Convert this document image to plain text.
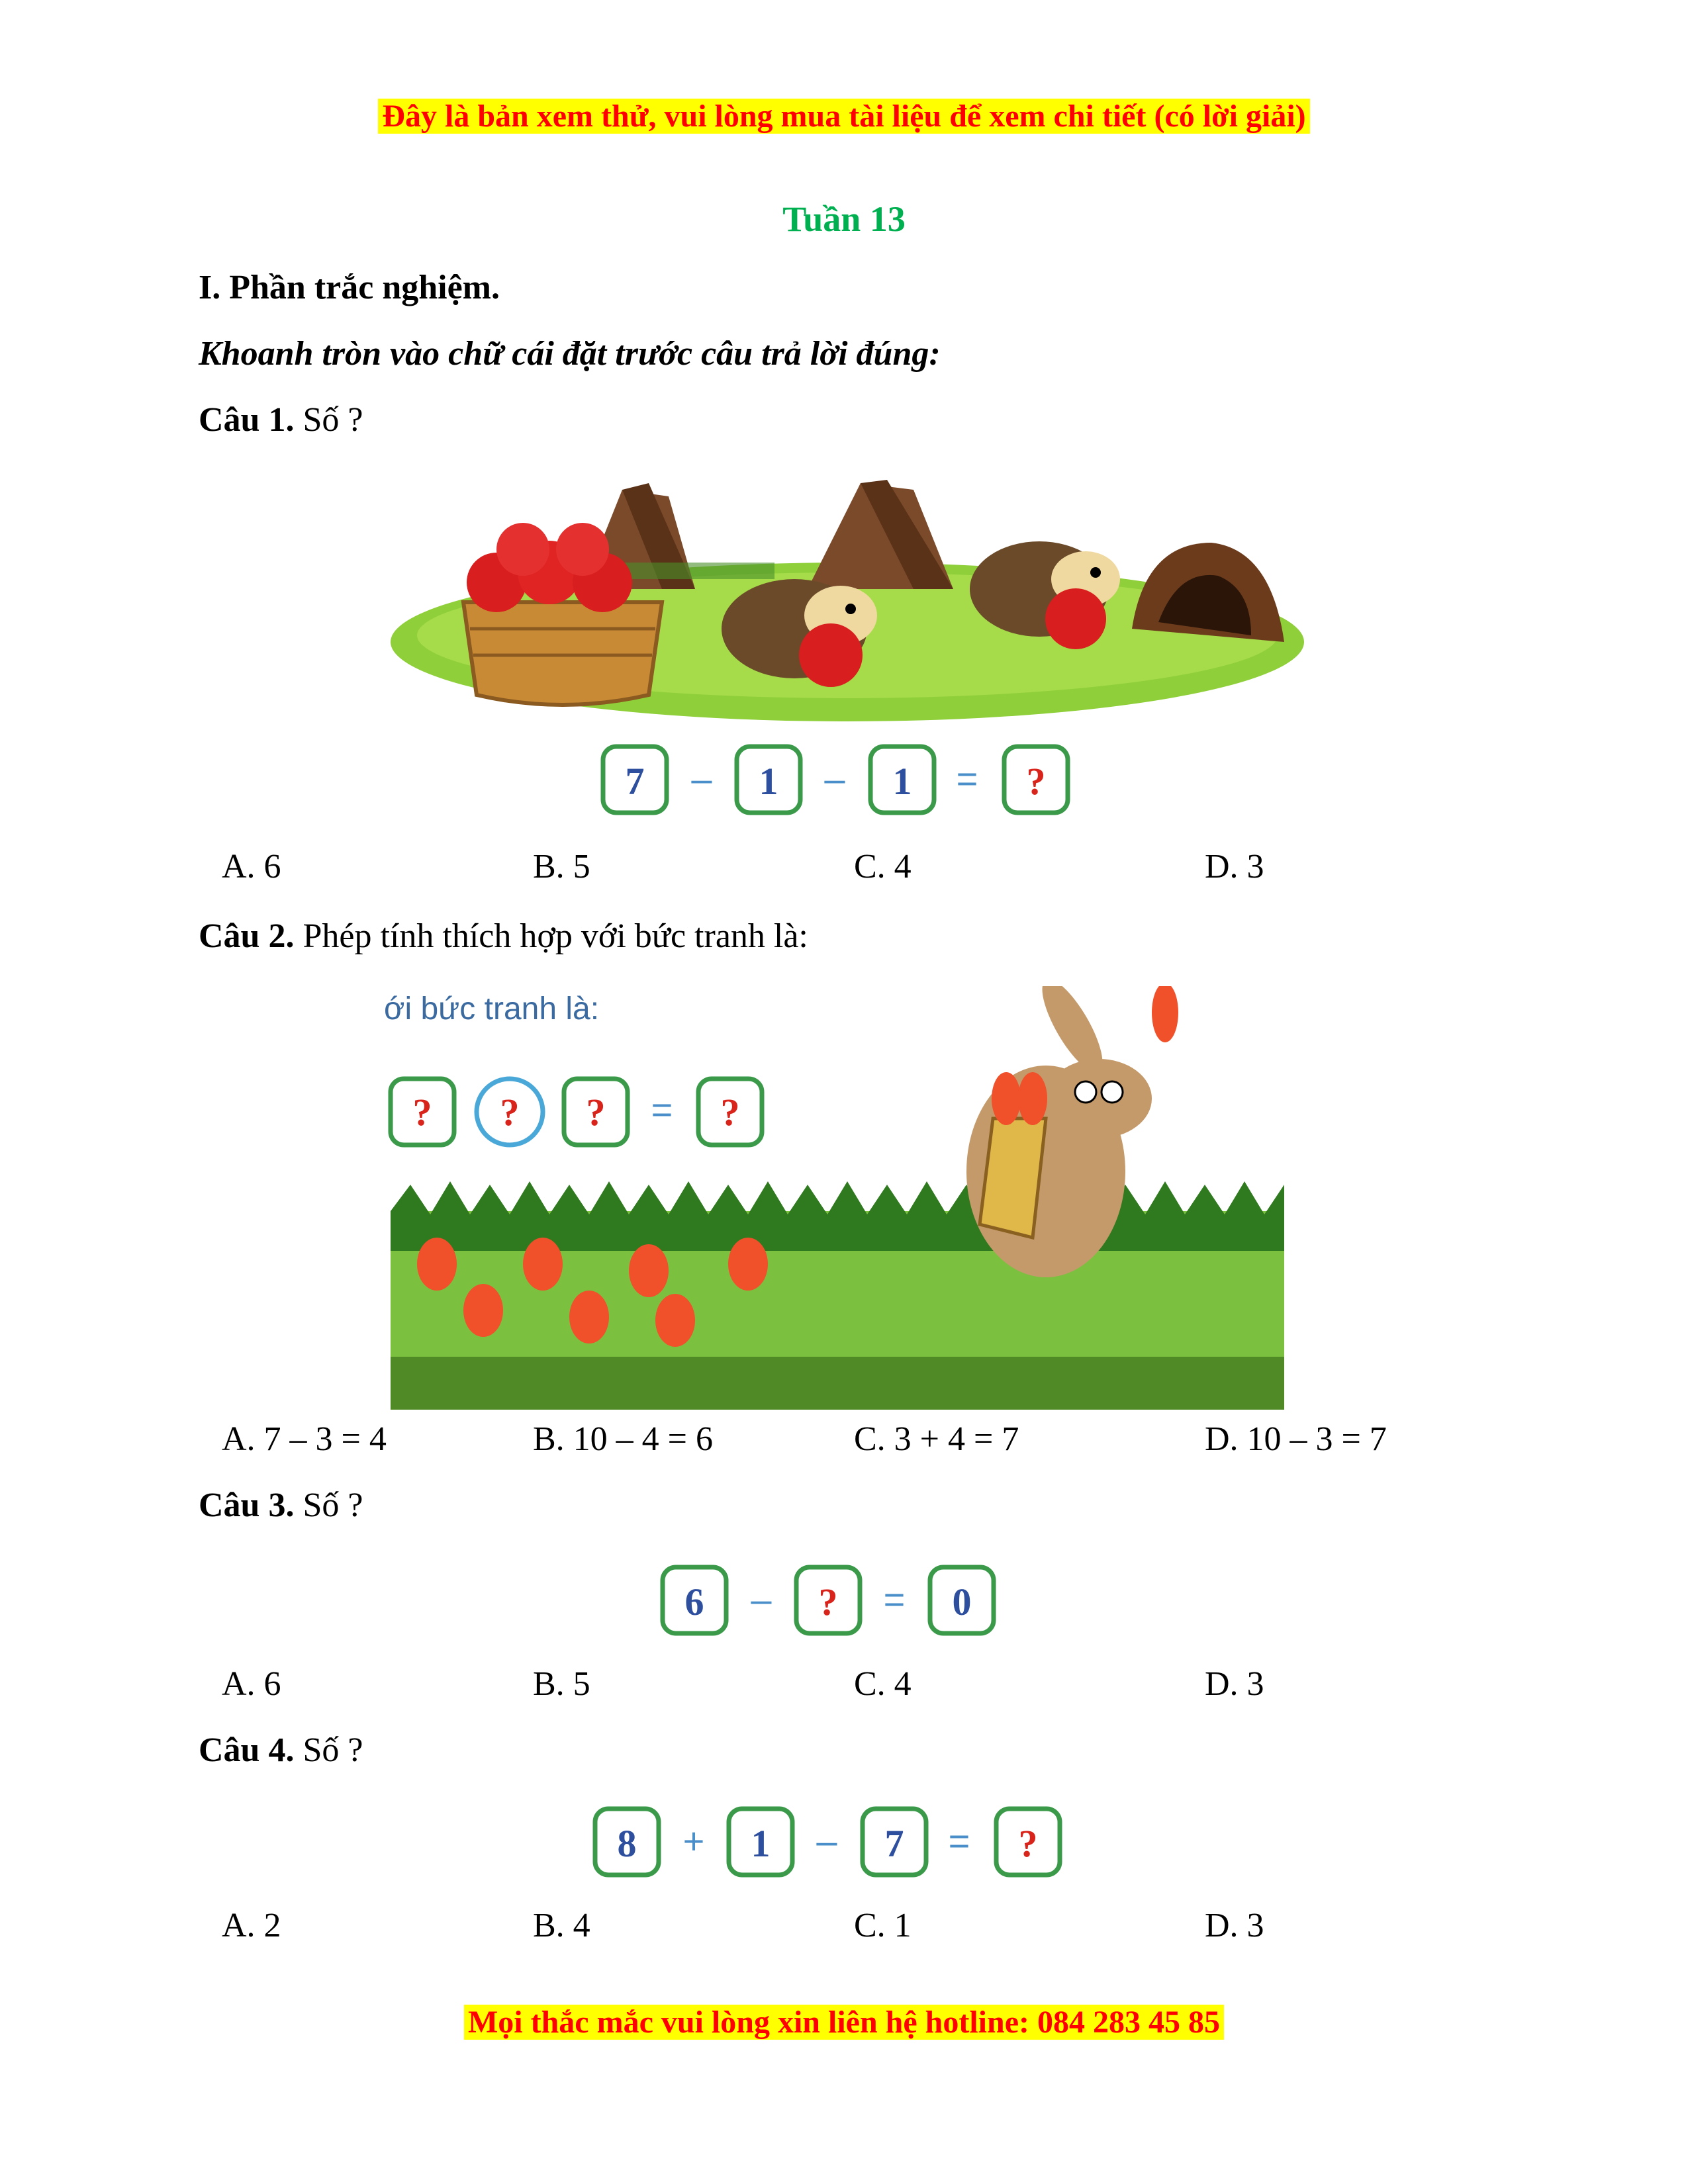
Đây là bản xem thử, vui lòng mua tài liệu để xem chi tiết (có lời giải)
Tuần 13
I. Phần trắc nghiệm.
Khoanh tròn vào chữ cái đặt trước câu trả lời đúng:
Câu 1. Số ?
7 – 1 – 1 = ?
A. 6	B. 5	C. 4	D. 3
Câu 2. Phép tính thích hợp với bức tranh là:
ới bức tranh là:
? ? ? = ?
A. 7 – 3 = 4	B. 10 – 4 = 6	C. 3 + 4 = 7	D. 10 – 3 = 7
Câu 3. Số ?
6 – ? = 0
A. 6	B. 5	C. 4	D. 3
Câu 4. Số ?
8 + 1 – 7 = ?
A. 2	B. 4	C. 1	D. 3
Mọi thắc mắc vui lòng xin liên hệ hotline: 084 283 45 85
